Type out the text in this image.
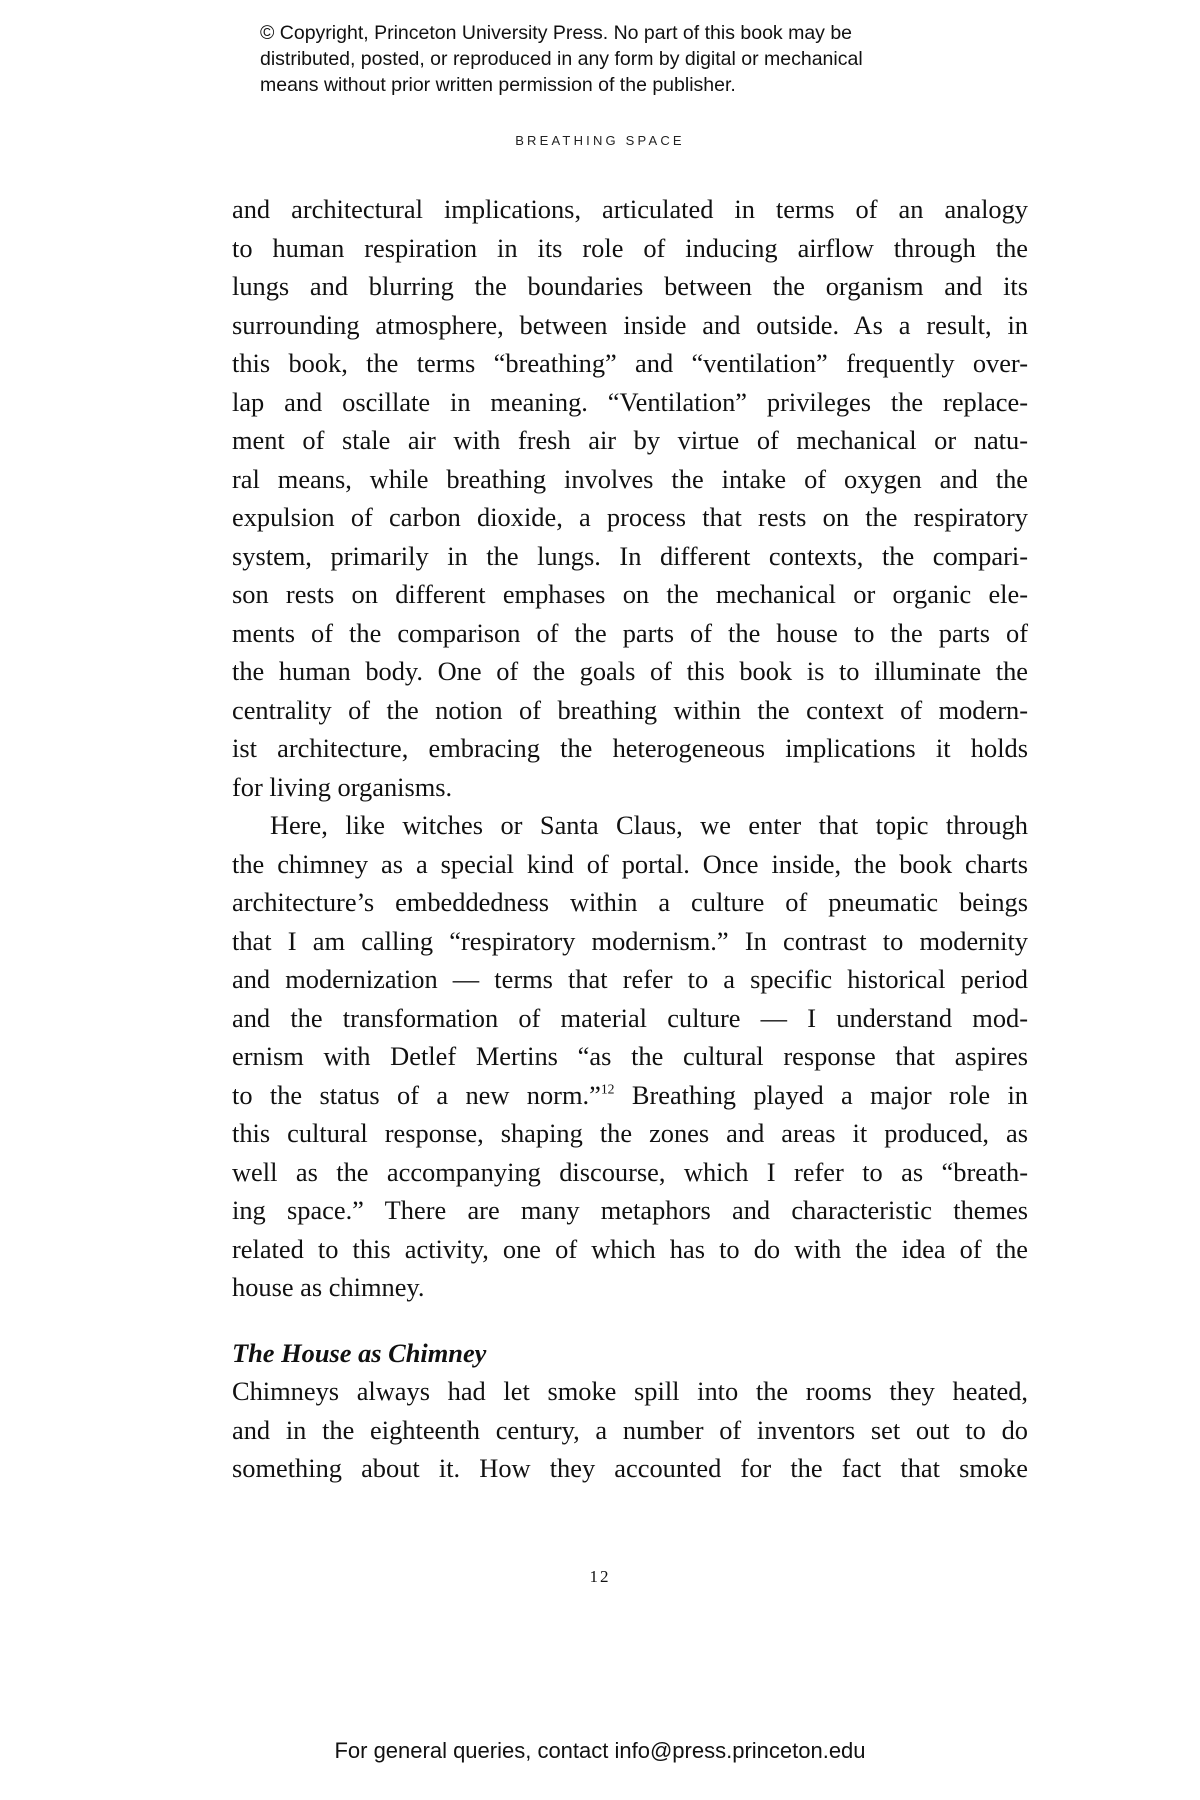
© Copyright, Princeton University Press. No part of this book may be
distributed, posted, or reproduced in any form by digital or mechanical
means without prior written permission of the publisher.
BREATHING SPACE
and architectural implications, articulated in terms of an analogy
to human respiration in its role of inducing airflow through the
lungs and blurring the boundaries between the organism and its
surrounding atmosphere, between inside and outside. As a result, in
this book, the terms “breathing” and “ventilation” frequently over-
lap and oscillate in meaning. “Ventilation” privileges the replace-
ment of stale air with fresh air by virtue of mechanical or natu-
ral means, while breathing involves the intake of oxygen and the
expulsion of carbon dioxide, a process that rests on the respiratory
system, primarily in the lungs. In different contexts, the compari-
son rests on different emphases on the mechanical or organic ele-
ments of the comparison of the parts of the house to the parts of
the human body. One of the goals of this book is to illuminate the
centrality of the notion of breathing within the context of modern-
ist architecture, embracing the heterogeneous implications it holds
for living organisms.
Here, like witches or Santa Claus, we enter that topic through
the chimney as a special kind of portal. Once inside, the book charts
architecture’s embeddedness within a culture of pneumatic beings
that I am calling “respiratory modernism.” In contrast to modernity
and modernization — terms that refer to a specific historical period
and the transformation of material culture — I understand mod-
ernism with Detlef Mertins “as the cultural response that aspires
to the status of a new norm.”$^{12}$ Breathing played a major role in
this cultural response, shaping the zones and areas it produced, as
well as the accompanying discourse, which I refer to as “breath-
ing space.” There are many metaphors and characteristic themes
related to this activity, one of which has to do with the idea of the
house as chimney.
The House as Chimney
Chimneys always had let smoke spill into the rooms they heated,
and in the eighteenth century, a number of inventors set out to do
something about it. How they accounted for the fact that smoke
12
For general queries, contact info@press.princeton.edu
